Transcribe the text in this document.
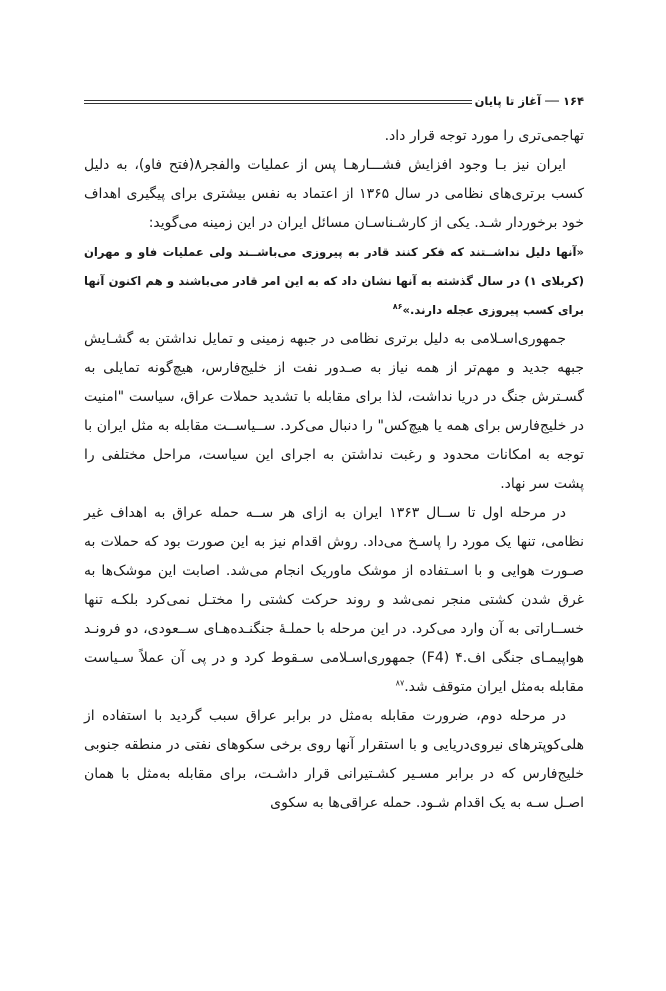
۱۶۴ ── آغاز تا پایان

تهاجمی‌تری را مورد توجه قرار داد.

ایران نیز بـا وجود افزایش فشـــارهـا پس از عملیات والفجر۸(فتح فاو)، به دلیل کسب برتری‌های نظامی در سال ۱۳۶۵ از اعتماد به نفس بیشتری برای پیگیری اهداف خود برخوردار شـد. یکی از کارشـناسـان مسائل ایران در این زمینه می‌گوید:

«آنها دلیل نداشــتند که فکر کنند قادر به پیروزی می‌باشــند ولی عملیات فاو و مهران (کربلای ۱) در سال گذشته به آنها نشان داد که به این امر قادر می‌باشند و هم اکنون آنها برای کسب پیروزی عجله دارند.»$^{۸۶}$

جمهوری‌اسـلامی به دلیل برتری نظامی در جبهه زمینی و تمایل نداشتن به گشـایش جبهه جدید و مهم‌تر از همه نیاز به صـدور نفت از خلیج‌فارس، هیچ‌گونه تمایلی به گسـترش جنگ در دریا نداشت، لذا برای مقابله با تشدید حملات عراق، سیاست "امنیت در خلیج‌فارس برای همه یا هیچ‌کس" را دنبال می‌کرد. ســیاســت مقابله به مثل ایران با توجه به امکانات محدود و رغبت نداشتن به اجرای این سیاست، مراحل مختلفی را پشت سر نهاد.

در مرحله اول تا ســال ۱۳۶۳ ایران به ازای هر ســه حمله عراق به اهداف غیر نظامی، تنها یک مورد را پاسـخ می‌داد. روش اقدام نیز به این صورت بود که حملات به صـورت هوایی و با اسـتفاده از موشک ماوریک انجام می‌شد. اصابت این موشک‌ها به غرق شدن کشتی منجر نمی‌شد و روند حرکت کشتی را مختـل نمی‌کرد بلکـه تنها خســاراتی به آن وارد می‌کرد. در این مرحله با حملـهٔ جنگنـده‌هـای ســعودی، دو فرونـد هواپیمـای جنگی اف.۴ (F4) جمهوری‌اسـلامی سـقوط کرد و در پی آن عملاً سـیاست مقابله به‌مثل ایران متوقف شد.$^{۸۷}$

در مرحله دوم، ضرورت مقابله به‌مثل در برابر عراق سبب گردید با استفاده از هلی‌کوپترهای نیروی‌دریایی و با استقرار آنها روی برخی سکوهای نفتی در منطقه جنوبی خلیج‌فارس که در برابر مسـیر کشـتیرانی قرار داشـت، برای مقابله به‌مثل با همان اصـل سـه به یک اقدام شـود. حمله عراقی‌ها به سکوی
